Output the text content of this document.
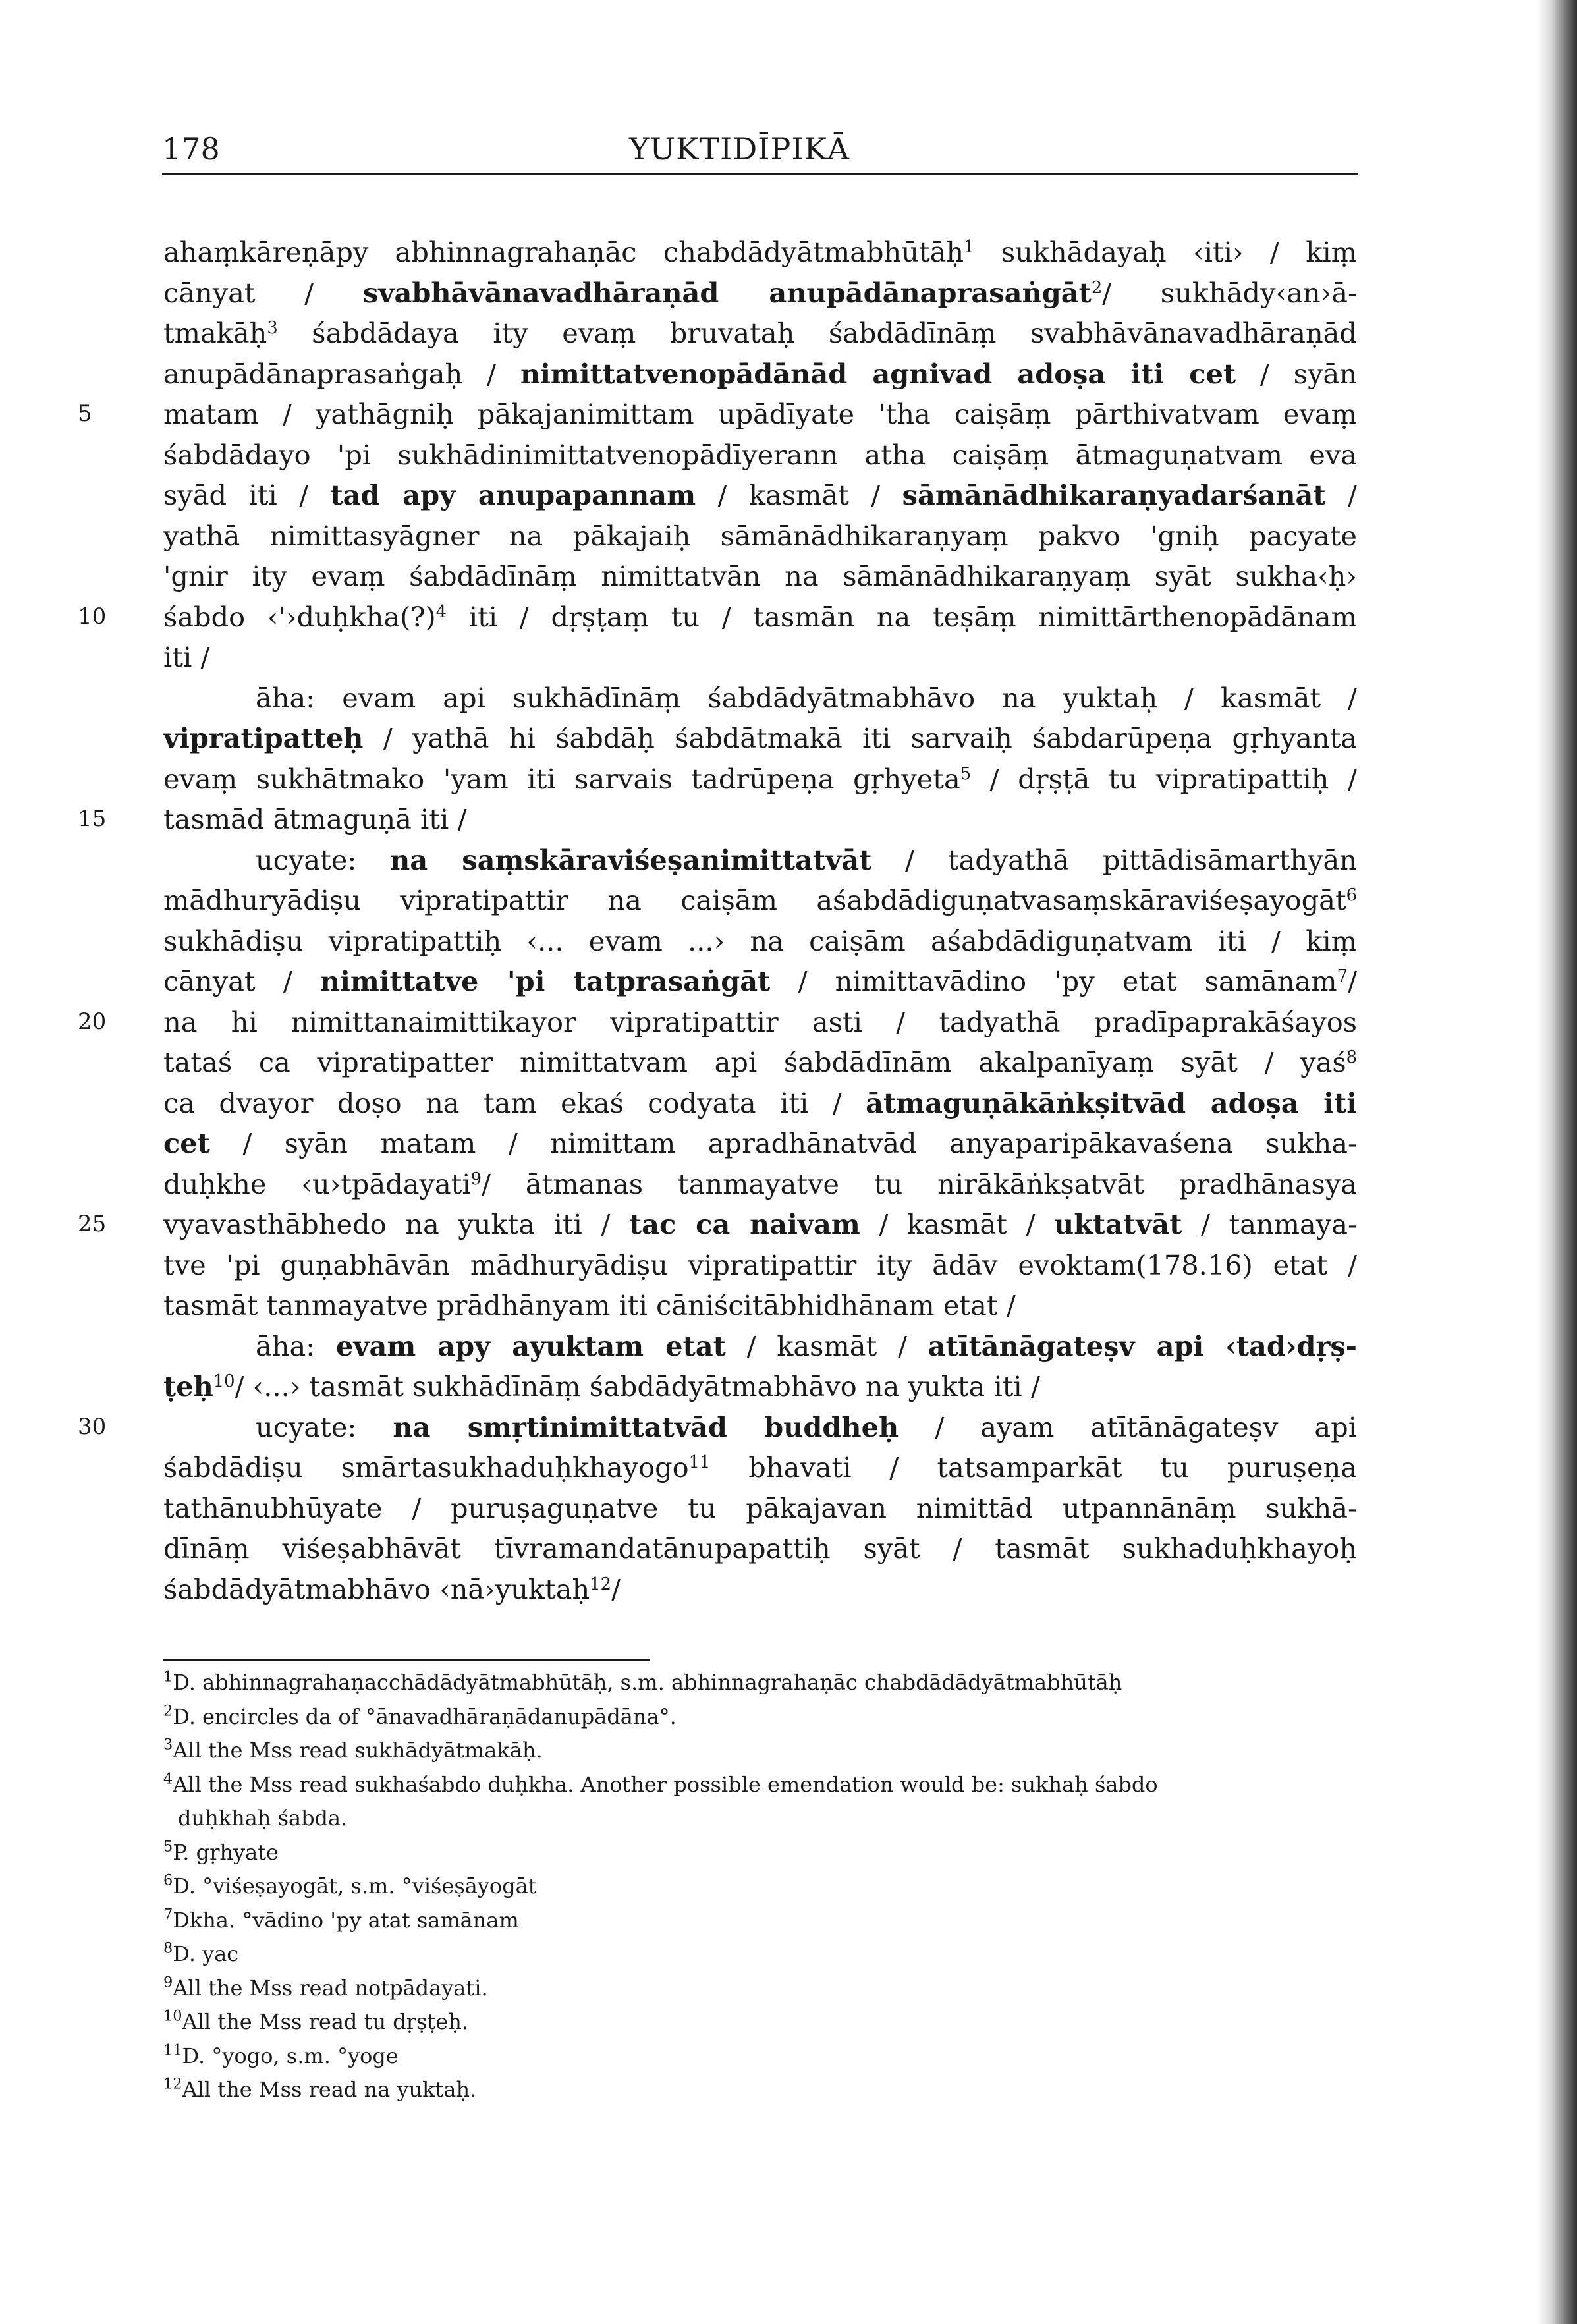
178	YUKTIDĪPIKĀ
5
10
15
20
25
30
ahaṃkāreṇāpy abhinnagrahaṇāc chabdādyātmabhūtāḥ$^1$ sukhādayaḥ ‹iti› / kiṃ
cānyat / svabhāvānavadhāraṇād anupādānaprasaṅgāt$^2$/ sukhādy‹an›ā-
tmakāḥ$^3$ śabdādaya ity evaṃ bruvataḥ śabdādīnāṃ svabhāvānavadhāraṇād
anupādānaprasaṅgaḥ / nimittatvenopādānād agnivad adoṣa iti cet / syān
matam / yathāgniḥ pākajanimittam upādīyate 'tha caiṣāṃ pārthivatvam evaṃ
śabdādayo 'pi sukhādinimittatvenopādīyerann atha caiṣāṃ ātmaguṇatvam eva
syād iti / tad apy anupapannam / kasmāt / sāmānādhikaraṇyadarśanāt /
yathā nimittasyāgner na pākajaiḥ sāmānādhikaraṇyaṃ pakvo 'gniḥ pacyate
'gnir ity evaṃ śabdādīnāṃ nimittatvān na sāmānādhikaraṇyaṃ syāt sukha‹ḥ›
śabdo ‹'›duḥkha(?)$^4$ iti / dṛṣṭaṃ tu / tasmān na teṣāṃ nimittārthenopādānam
iti /
āha: evam api sukhādīnāṃ śabdādyātmabhāvo na yuktaḥ / kasmāt /
vipratipatteḥ / yathā hi śabdāḥ śabdātmakā iti sarvaiḥ śabdarūpeṇa gṛhyanta
evaṃ sukhātmako 'yam iti sarvais tadrūpeṇa gṛhyeta$^5$ / dṛṣṭā tu vipratipattiḥ /
tasmād ātmaguṇā iti /
ucyate: na saṃskāraviśeṣanimittatvāt / tadyathā pittādisāmarthyān
mādhuryādiṣu vipratipattir na caiṣām aśabdādiguṇatvasaṃskāraviśeṣayogāt$^6$
sukhādiṣu vipratipattiḥ ‹... evam ...› na caiṣām aśabdādiguṇatvam iti / kiṃ
cānyat / nimittatve 'pi tatprasaṅgāt / nimittavādino 'py etat samānam$^7$/
na hi nimittanaimittikayor vipratipattir asti / tadyathā pradīpaprakāśayos
tataś ca vipratipatter nimittatvam api śabdādīnām akalpanīyaṃ syāt / yaś$^8$
ca dvayor doṣo na tam ekaś codyata iti / ātmaguṇākāṅkṣitvād adoṣa iti
cet / syān matam / nimittam apradhānatvād anyaparipākavaśena sukha-
duḥkhe ‹u›tpādayati$^9$/ ātmanas tanmayatve tu nirākāṅkṣatvāt pradhānasya
vyavasthābhedo na yukta iti / tac ca naivam / kasmāt / uktatvāt / tanmaya-
tve 'pi guṇabhāvān mādhuryādiṣu vipratipattir ity ādāv evoktam(178.16) etat /
tasmāt tanmayatve prādhānyam iti cāniścitābhidhānam etat /
āha: evam apy ayuktam etat / kasmāt / atītānāgateṣv api ‹tad›dṛṣ-
ṭeḥ$^{10}$/ ‹...› tasmāt sukhādīnāṃ śabdādyātmabhāvo na yukta iti /
ucyate: na smṛtinimittatvād buddheḥ / ayam atītānāgateṣv api
śabdādiṣu smārtasukhaduḥkhayogo$^{11}$ bhavati / tatsamparkāt tu puruṣeṇa
tathānubhūyate / puruṣaguṇatve tu pākajavan nimittād utpannānāṃ sukhā-
dīnāṃ viśeṣabhāvāt tīvramandatānupapattiḥ syāt / tasmāt sukhaduḥkhayoḥ
śabdādyātmabhāvo ‹nā›yuktaḥ$^{12}$/
$^1$D. abhinnagrahaṇacchādādyātmabhūtāḥ, s.m. abhinnagrahaṇāc chabdādādyātmabhūtāḥ
$^2$D. encircles da of °ānavadhāraṇādanupādāna°.
$^3$All the Mss read sukhādyātmakāḥ.
$^4$All the Mss read sukhaśabdo duḥkha. Another possible emendation would be: sukhaḥ śabdo
duḥkhaḥ śabda.
$^5$P. gṛhyate
$^6$D. °viśeṣayogāt, s.m. °viśeṣāyogāt
$^7$Dkha. °vādino 'py atat samānam
$^8$D. yac
$^9$All the Mss read notpādayati.
$^{10}$All the Mss read tu dṛṣṭeḥ.
$^{11}$D. °yogo, s.m. °yoge
$^{12}$All the Mss read na yuktaḥ.
